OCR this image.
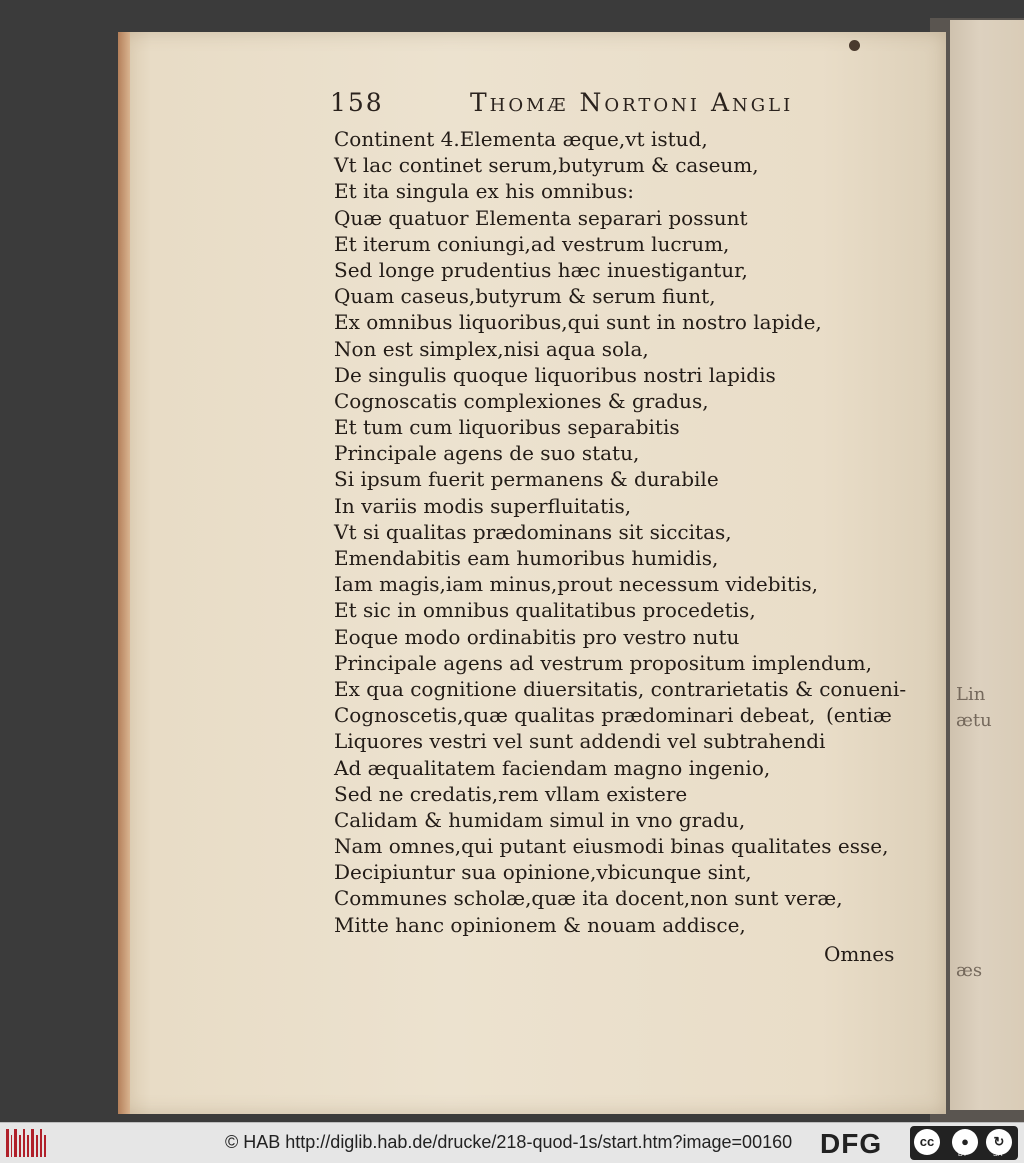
Lin
ætu
æs
158	Thomæ Nortoni Angli
Continent 4.Elementa æque,vt istud,
Vt lac continet serum,butyrum & caseum,
Et ita singula ex his omnibus:
Quæ quatuor Elementa separari possunt
Et iterum coniungi,ad vestrum lucrum,
Sed longe prudentius hæc inuestigantur,
Quam caseus,butyrum & serum fiunt,
Ex omnibus liquoribus,qui sunt in nostro lapide,
Non est simplex,nisi aqua sola,
De singulis quoque liquoribus nostri lapidis
Cognoscatis complexiones & gradus,
Et tum cum liquoribus separabitis
Principale agens de suo statu,
Si ipsum fuerit permanens & durabile
In variis modis superfluitatis,
Vt si qualitas prædominans sit siccitas,
Emendabitis eam humoribus humidis,
Iam magis,iam minus,prout necessum videbitis,
Et sic in omnibus qualitatibus procedetis,
Eoque modo ordinabitis pro vestro nutu
Principale agens ad vestrum propositum implendum,
Ex qua cognitione diuersitatis, contrarietatis & conueni-
Cognoscetis,quæ qualitas prædominari debeat,
Liquores vestri vel sunt addendi vel subtrahendi
Ad æqualitatem faciendam magno ingenio,
Sed ne credatis,rem vllam existere
Calidam & humidam simul in vno gradu,
Nam omnes,qui putant eiusmodi binas qualitates esse,
Decipiuntur sua opinione,vbicunque sint,
Communes scholæ,quæ ita docent,non sunt veræ,
Mitte hanc opinionem & nouam addisce,
(entiæ
Omnes
© HAB http://diglib.hab.de/drucke/218-quod-1s/start.htm?image=00160 DFG	cc	●	↻
BY	SA
